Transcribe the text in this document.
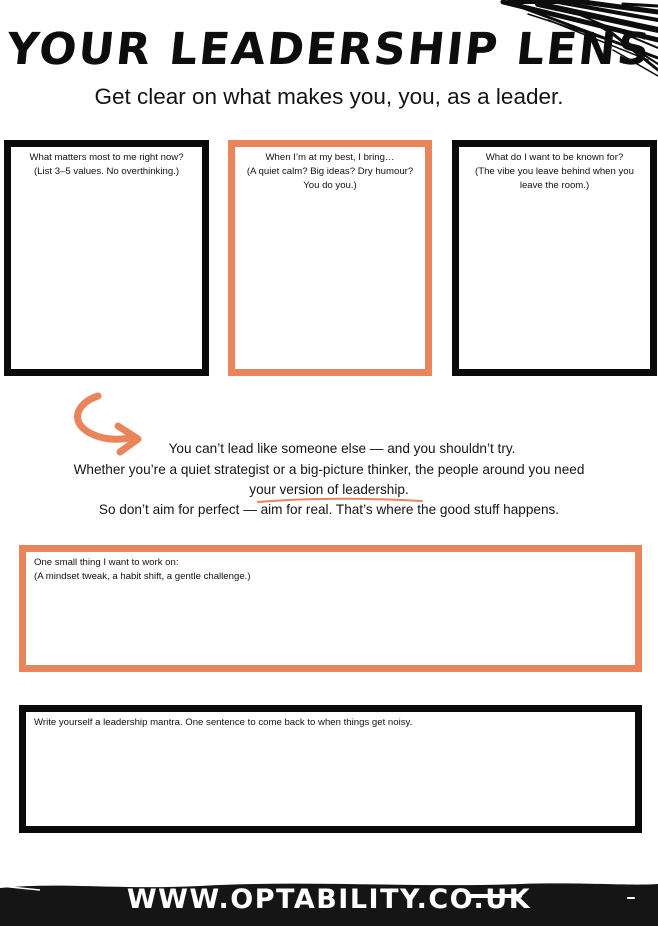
YOUR LEADERSHIP LENS
Get clear on what makes you, you, as a leader.

What matters most to me right now?
(List 3–5 values. No overthinking.)

When I’m at my best, I bring…
(A quiet calm? Big ideas? Dry humour?
You do you.)

What do I want to be known for?
(The vibe you leave behind when you
leave the room.)

You can’t lead like someone else — and you shouldn’t try.

Whether you’re a quiet strategist or a big-picture thinker, the people around you need

your version of leadership.

So don’t aim for perfect — aim for real. That’s where the good stuff happens.

One small thing I want to work on:
(A mindset tweak, a habit shift, a gentle challenge.)

Write yourself a leadership mantra. One sentence to come back to when things get noisy.

WWW.OPTABILITY.CO.UK
